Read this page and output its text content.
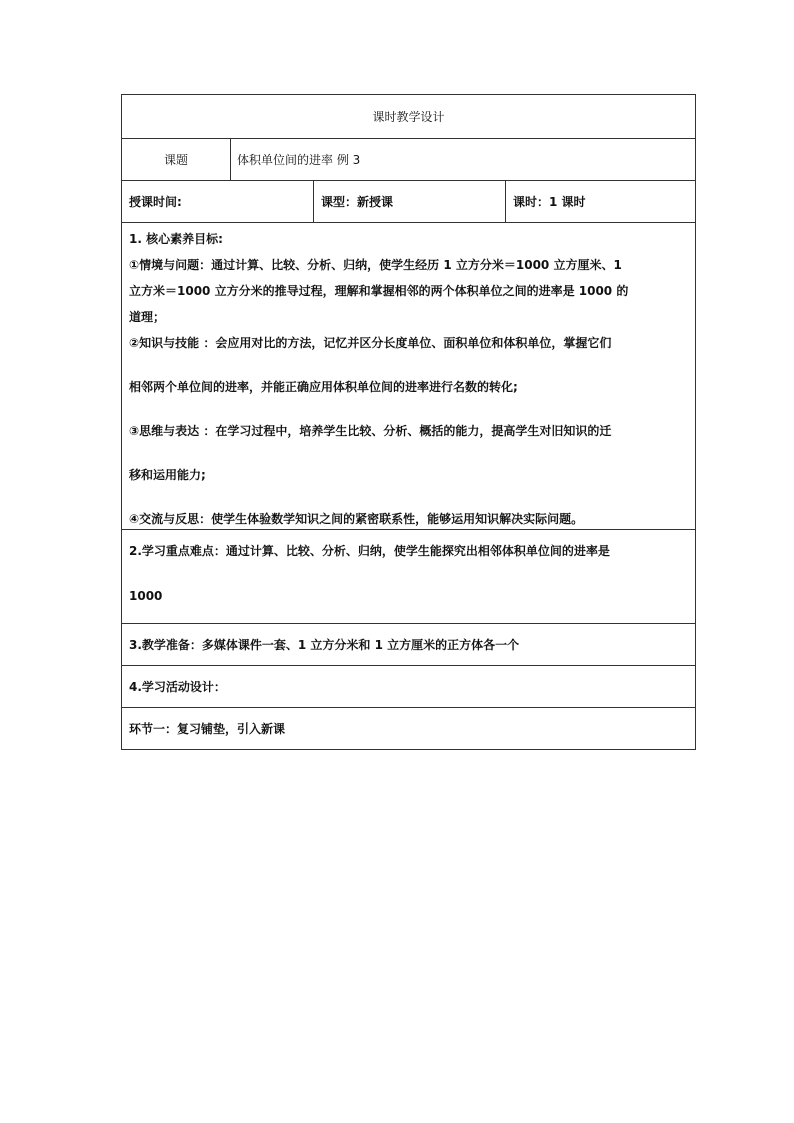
课时教学设计
课题	体积单位间的进率 例 3
授课时间:	课型：新授课	课时：1 课时

1. 核心素养目标:

①情境与问题：通过计算、比较、分析、归纳，使学生经历 1 立方分米＝1000 立方厘米、1

立方米＝1000 立方分米的推导过程，理解和掌握相邻的两个体积单位之间的进率是 1000 的

道理；

②知识与技能 ：会应用对比的方法，记忆并区分长度单位、面积单位和体积单位，掌握它们

相邻两个单位间的进率，并能正确应用体积单位间的进率进行名数的转化;

③思维与表达 ：在学习过程中，培养学生比较、分析、概括的能力，提高学生对旧知识的迁

移和运用能力;

④交流与反思：使学生体验数学知识之间的紧密联系性，能够运用知识解决实际问题。

2.学习重点难点：通过计算、比较、分析、归纳，使学生能探究出相邻体积单位间的进率是
1000
3.教学准备：多媒体课件一套、1 立方分米和 1 立方厘米的正方体各一个
4.学习活动设计：
环节一：复习铺垫，引入新课
